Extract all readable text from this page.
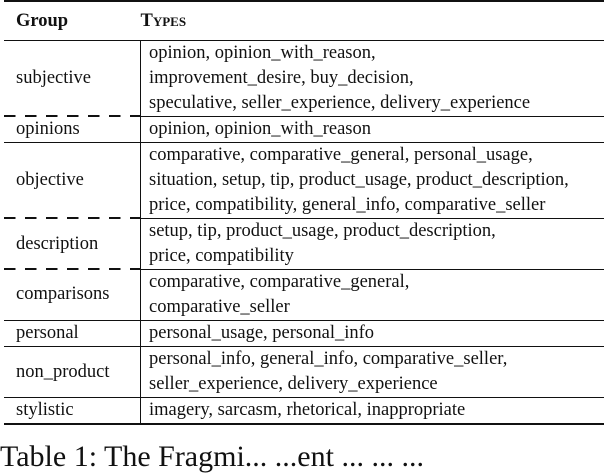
Group	Types
subjective	opinion, opinion_with_reason,
improvement_desire, buy_decision,
speculative, seller_experience, delivery_experience

opinions	opinion, opinion_with_reason

objective	comparative, comparative_general, personal_usage,
situation, setup, tip, product_usage, product_description,
price, compatibility, general_info, comparative_seller

description	setup, tip, product_usage, product_description,
price, compatibility

comparisons	comparative, comparative_general,
comparative_seller

personal	personal_usage, personal_info

non_product	personal_info, general_info, comparative_seller,
seller_experience, delivery_experience

stylistic	imagery, sarcasm, rhetorical, inappropriate
Table 1: The Fragmi... ...ent ... ... ...
